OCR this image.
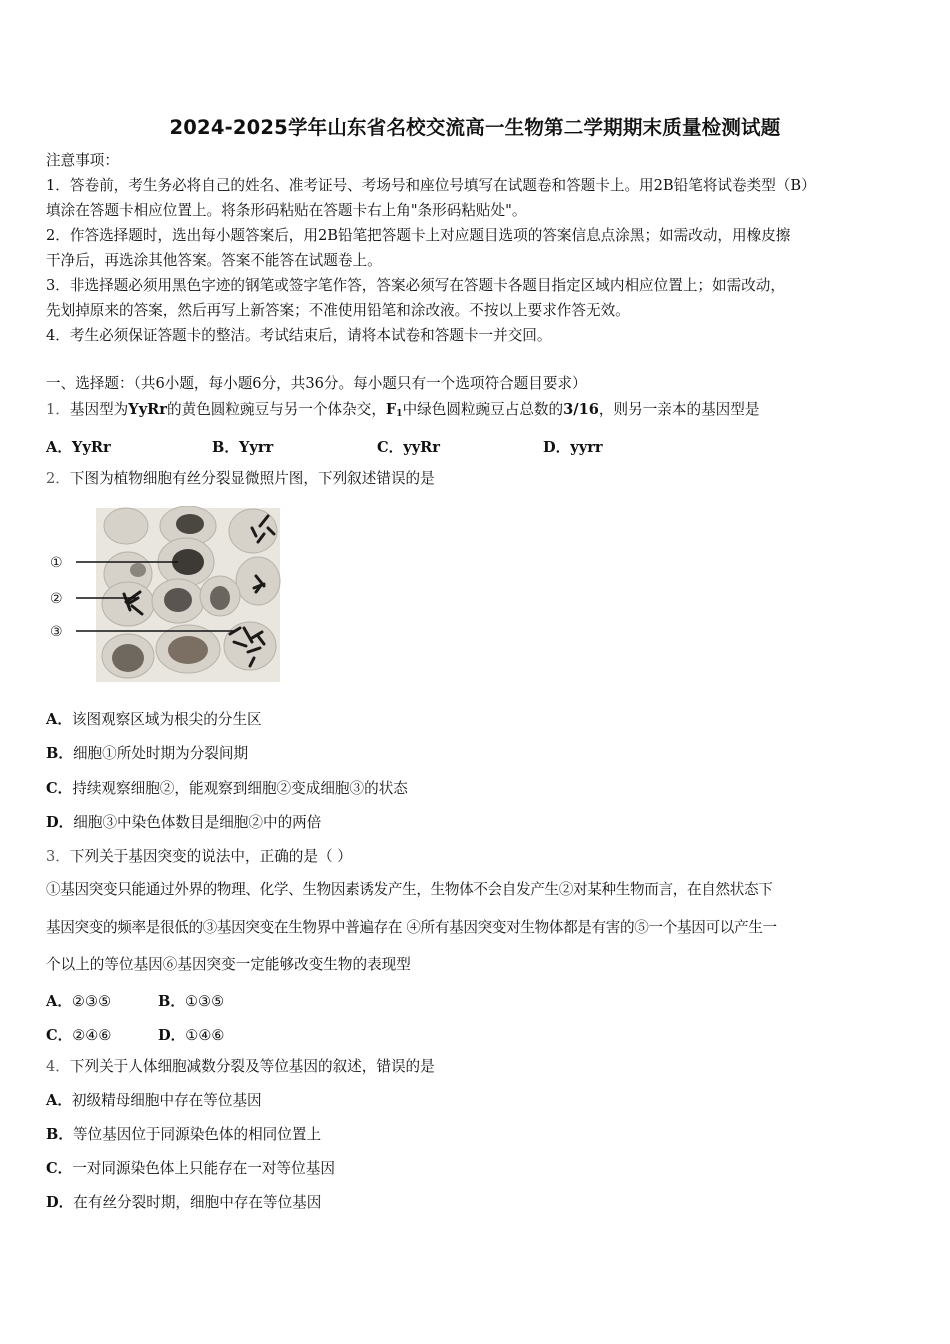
2024-2025学年山东省名校交流高一生物第二学期期末质量检测试题
注意事项：
1．答卷前，考生务必将自己的姓名、准考证号、考场号和座位号填写在试题卷和答题卡上。用2B铅笔将试卷类型（B）
填涂在答题卡相应位置上。将条形码粘贴在答题卡右上角"条形码粘贴处"。
2．作答选择题时，选出每小题答案后，用2B铅笔把答题卡上对应题目选项的答案信息点涂黑；如需改动，用橡皮擦
干净后，再选涂其他答案。答案不能答在试题卷上。
3．非选择题必须用黑色字迹的钢笔或签字笔作答，答案必须写在答题卡各题目指定区域内相应位置上；如需改动，
先划掉原来的答案，然后再写上新答案；不准使用铅笔和涂改液。不按以上要求作答无效。
4．考生必须保证答题卡的整洁。考试结束后，请将本试卷和答题卡一并交回。
一、选择题：（共6小题，每小题6分，共36分。每小题只有一个选项符合题目要求）
1．基因型为YyRr的黄色圆粒豌豆与另一个体杂交，$F_1$中绿色圆粒豌豆占总数的3/16，则另一亲本的基因型是
A．YyRr	B．Yyrr	C．yyRr	D．yyrr
2．下图为植物细胞有丝分裂显微照片图，下列叙述错误的是
①
②
③
A．该图观察区域为根尖的分生区
B．细胞①所处时期为分裂间期
C．持续观察细胞②，能观察到细胞②变成细胞③的状态
D．细胞③中染色体数目是细胞②中的两倍
3．下列关于基因突变的说法中，正确的是（ ）
①基因突变只能通过外界的物理、化学、生物因素诱发产生，生物体不会自发产生②对某种生物而言，在自然状态下
基因突变的频率是很低的③基因突变在生物界中普遍存在 ④所有基因突变对生物体都是有害的⑤一个基因可以产生一
个以上的等位基因⑥基因突变一定能够改变生物的表现型
A．②③⑤	B．①③⑤
C．②④⑥	D．①④⑥
4．下列关于人体细胞减数分裂及等位基因的叙述，错误的是
A．初级精母细胞中存在等位基因
B．等位基因位于同源染色体的相同位置上
C．一对同源染色体上只能存在一对等位基因
D．在有丝分裂时期，细胞中存在等位基因
